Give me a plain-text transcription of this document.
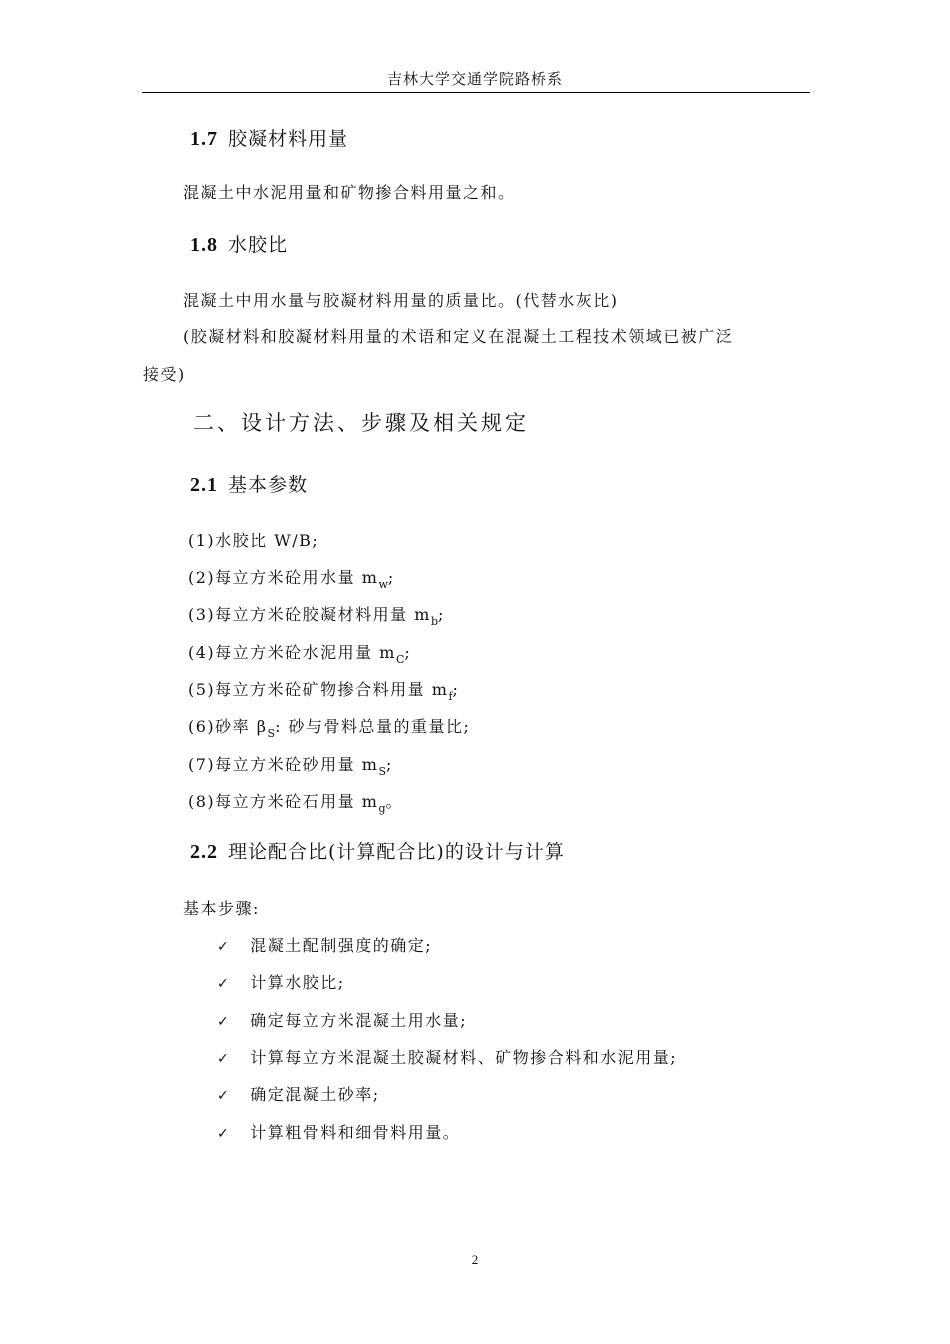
吉林大学交通学院路桥系
1.7 胶凝材料用量
混凝土中水泥用量和矿物掺合料用量之和。
1.8 水胶比
混凝土中用水量与胶凝材料用量的质量比。(代替水灰比)
(胶凝材料和胶凝材料用量的术语和定义在混凝土工程技术领域已被广泛
接受)
二、设计方法、步骤及相关规定
2.1 基本参数
(1)水胶比 W/B;
(2)每立方米砼用水量 $m_w$;
(3)每立方米砼胶凝材料用量 $m_b$;
(4)每立方米砼水泥用量 $m_C$;
(5)每立方米砼矿物掺合料用量 $m_f$;
(6)砂率 $\beta_S$: 砂与骨料总量的重量比;
(7)每立方米砼砂用量 $m_S$;
(8)每立方米砼石用量 $m_g$。
2.2 理论配合比(计算配合比)的设计与计算
基本步骤:
✓ 混凝土配制强度的确定;
✓ 计算水胶比;
✓ 确定每立方米混凝土用水量;
✓ 计算每立方米混凝土胶凝材料、矿物掺合料和水泥用量;
✓ 确定混凝土砂率;
✓ 计算粗骨料和细骨料用量。
2
